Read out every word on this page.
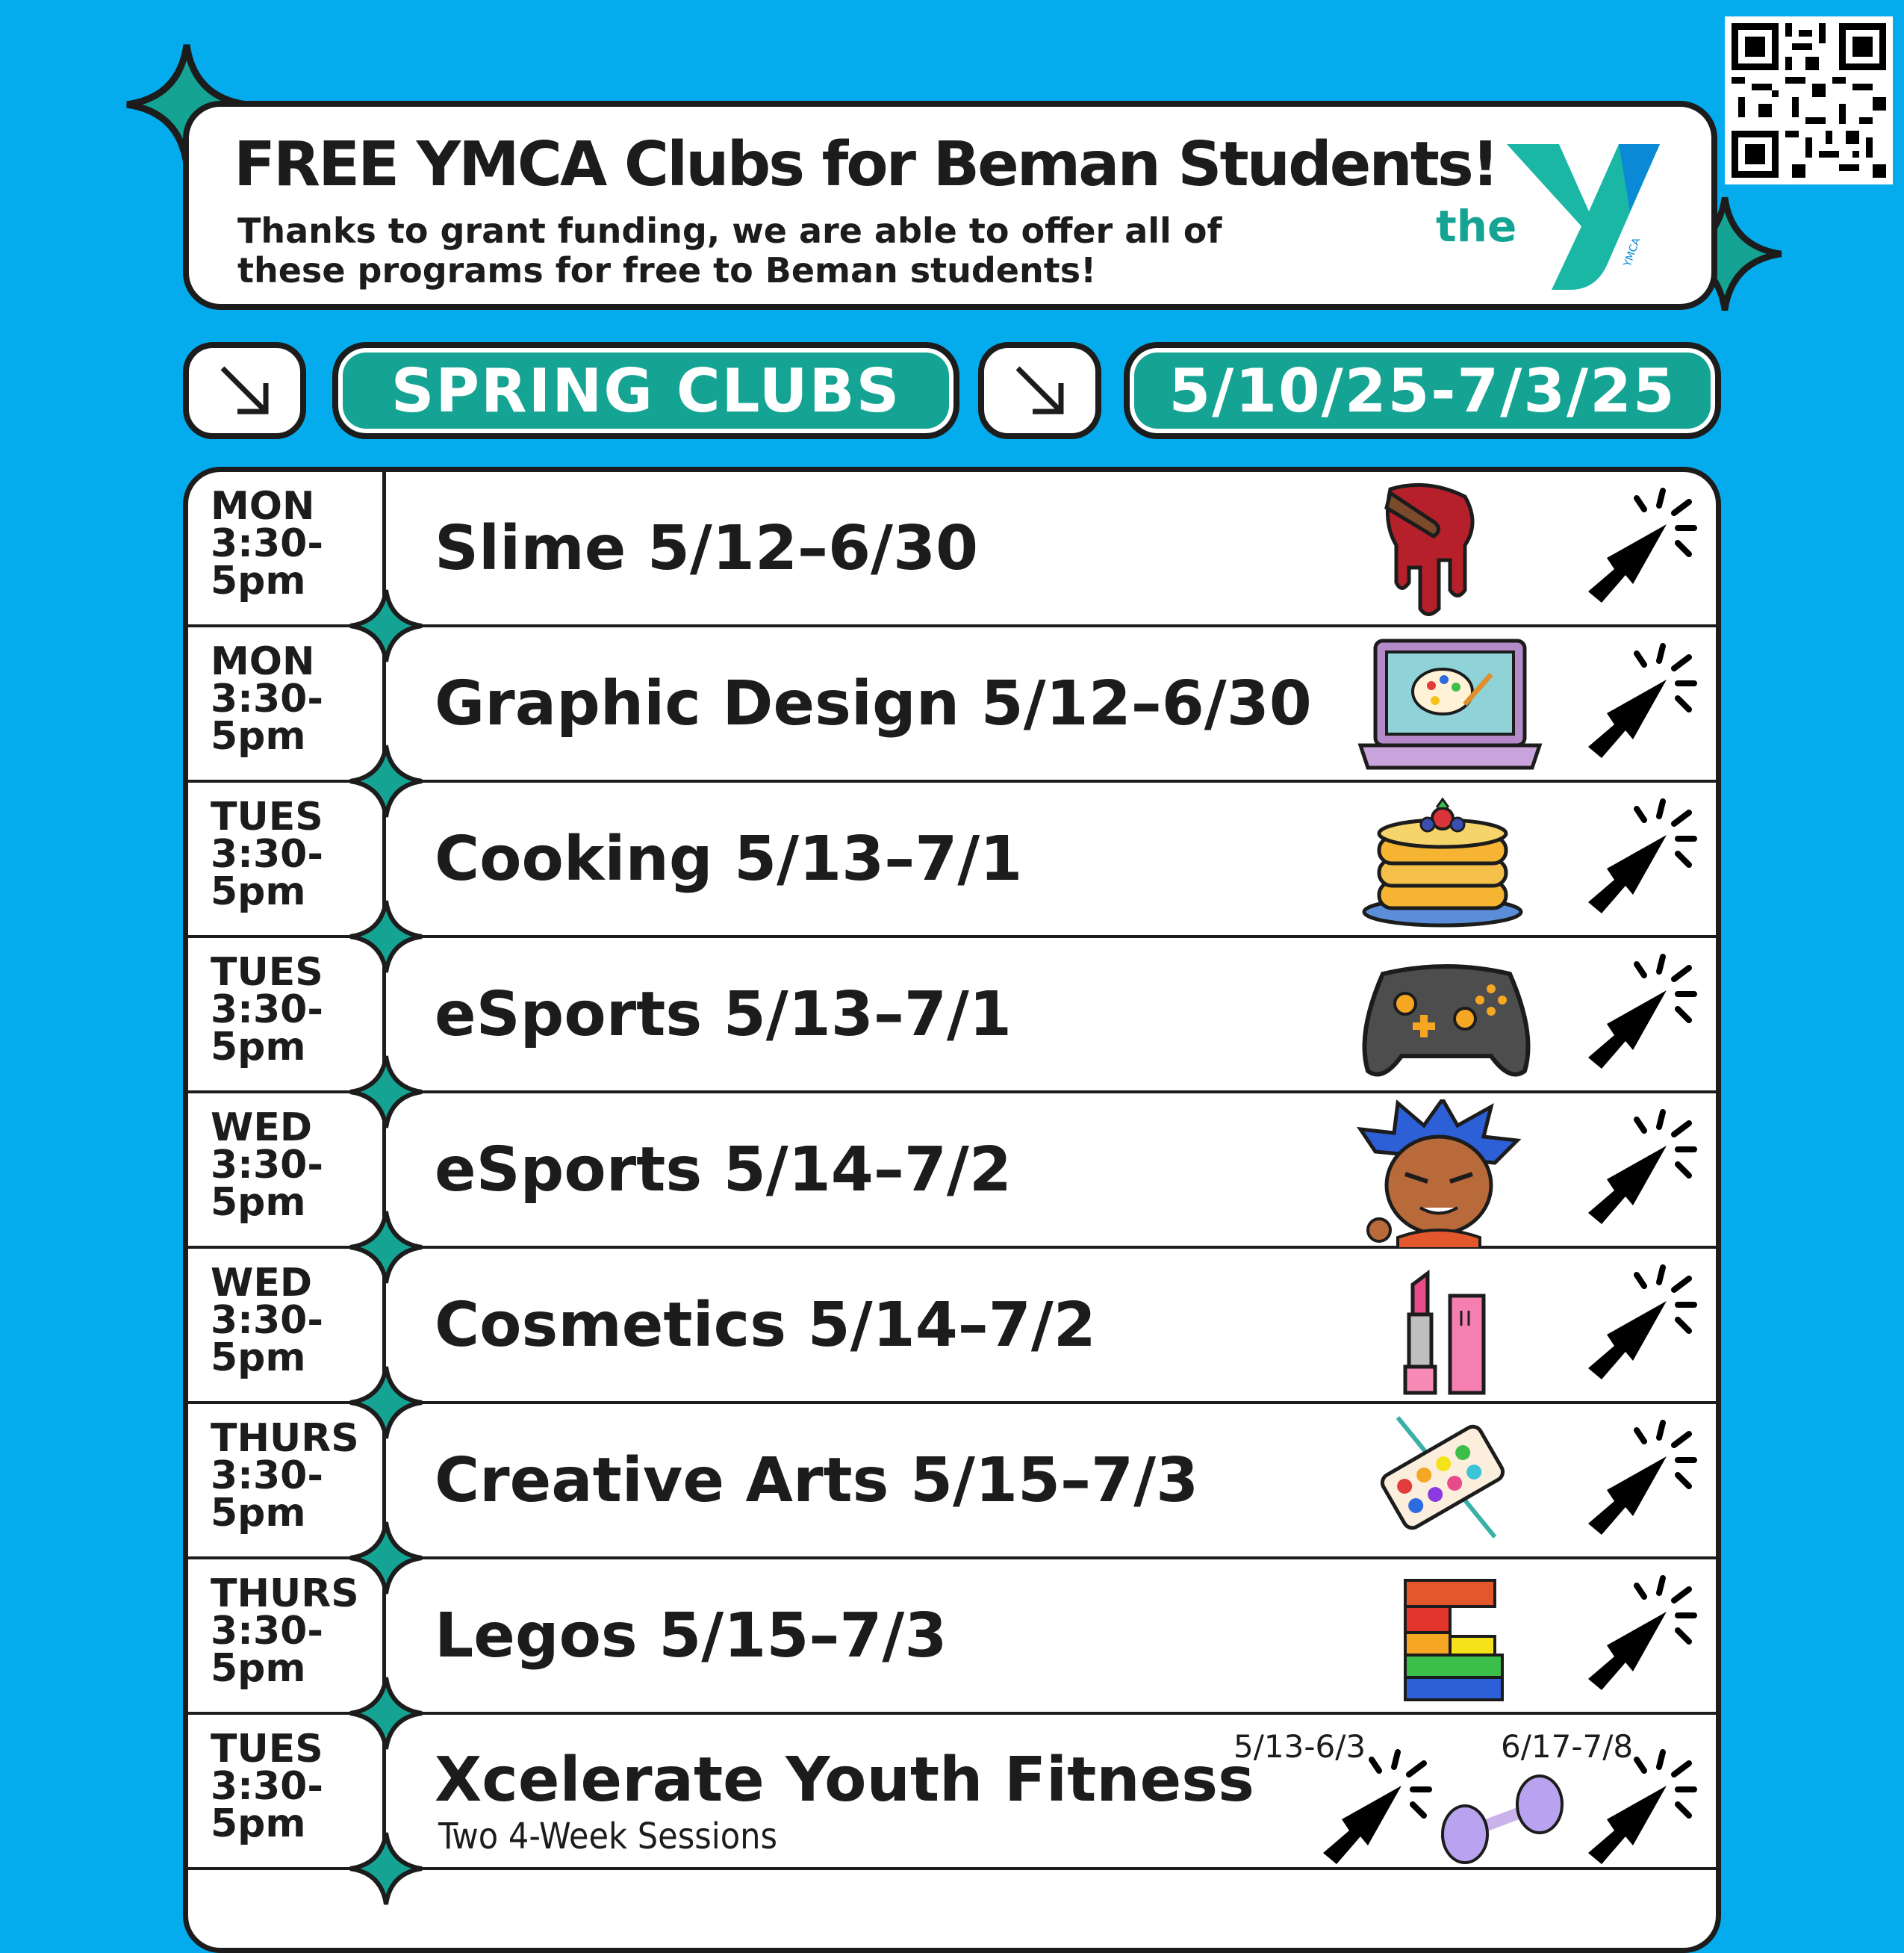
FREE YMCA Clubs for Beman Students!
Thanks to grant funding, we are able to offer all of these programs for free to Beman students!
the
YMCA
SPRING CLUBS	5/10/25-7/3/25
MON
3:30-
5pm Slime 5/12–6/30
MON
3:30-
5pm Graphic Design 5/12–6/30
TUES
3:30-
5pm Cooking 5/13–7/1
TUES
3:30-
5pm eSports 5/13–7/1
WED
3:30-
5pm eSports 5/14–7/2
WED
3:30-
5pm Cosmetics 5/14–7/2
THURS
3:30-
5pm Creative Arts 5/15–7/3
THURS
3:30-
5pm Legos 5/15–7/3
TUES
3:30-
5pm
Xcelerate Youth Fitness
Two 4-Week Sessions
5/13-6/3	6/17-7/8
